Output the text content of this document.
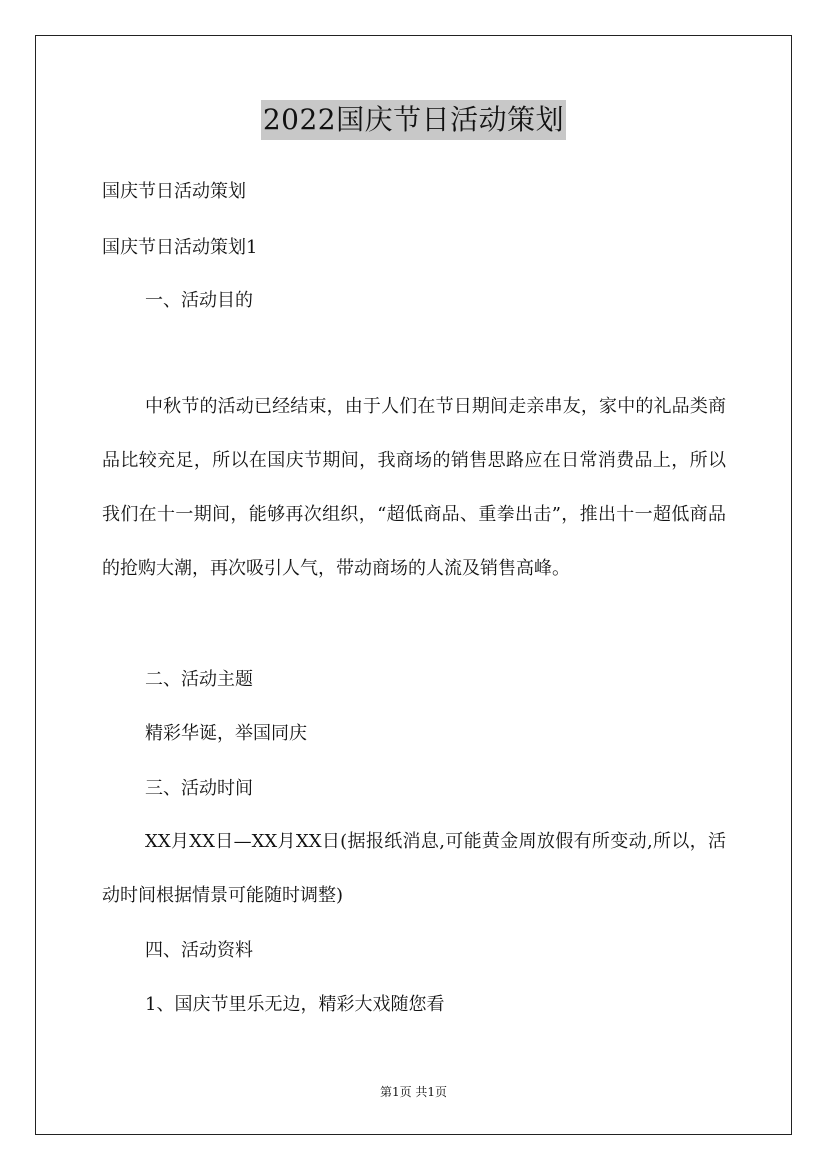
2022国庆节日活动策划

国庆节日活动策划

国庆节日活动策划1

一、活动目的

中秋节的活动已经结束，由于人们在节日期间走亲串友，家中的礼品类商品比较充足，所以在国庆节期间，我商场的销售思路应在日常消费品上，所以我们在十一期间，能够再次组织，“超低商品、重拳出击”，推出十一超低商品的抢购大潮，再次吸引人气，带动商场的人流及销售高峰。

二、活动主题

精彩华诞，举国同庆

三、活动时间

XX月XX日—XX月XX日(据报纸消息,可能黄金周放假有所变动,所以，活动时间根据情景可能随时调整)

四、活动资料

1、国庆节里乐无边，精彩大戏随您看

第1页 共1页
